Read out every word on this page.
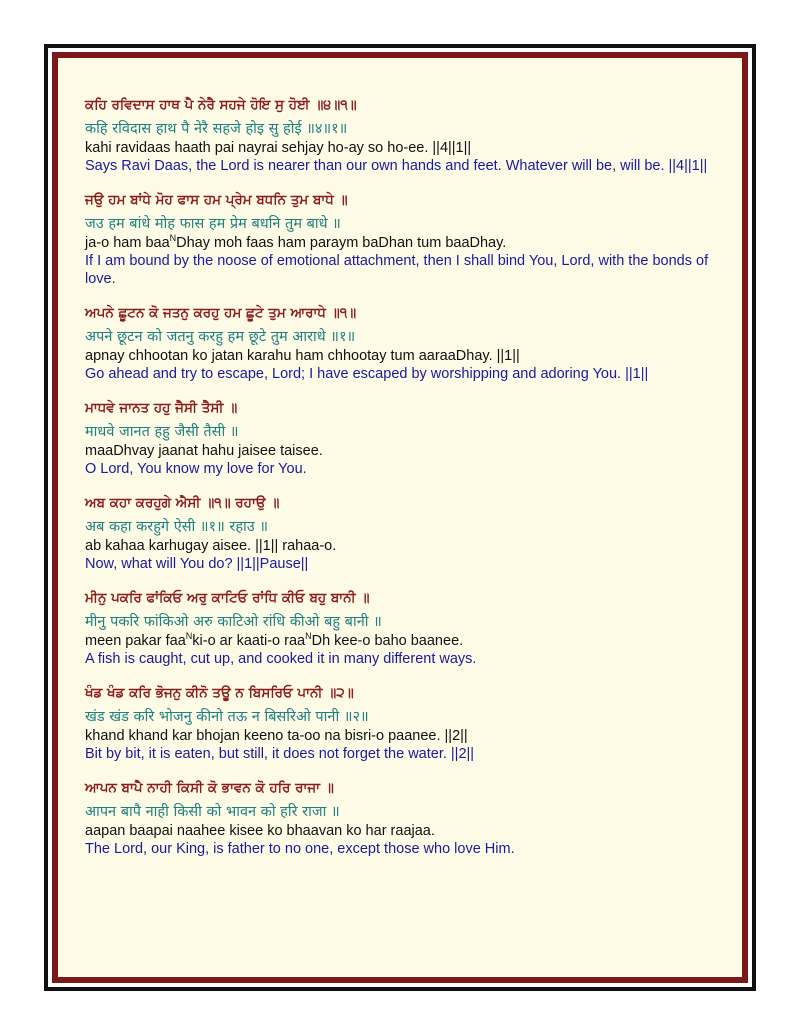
ਕਹਿ ਰਵਿਦਾਸ ਹਾਥ ਪੈ ਨੇਰੈ ਸਹਜੇ ਹੋਇ ਸੁ ਹੋਈ ॥੪॥੧॥
कहि रविदास हाथ पै नेरै सहजे होइ सु होई ॥४॥१॥
kahi ravidaas haath pai nayrai sehjay ho-ay so ho-ee. ||4||1||
Says Ravi Daas, the Lord is nearer than our own hands and feet. Whatever will be, will be. ||4||1||
ਜਉ ਹਮ ਬਾਂਧੇ ਮੋਹ ਫਾਸ ਹਮ ਪ੍ਰੇਮ ਬਧਨਿ ਤੁਮ ਬਾਧੇ ॥
जउ हम बांधे मोह फास हम प्रेम बधनि तुम बाधे ॥
ja-o ham baa$^N$Dhay moh faas ham paraym baDhan tum baaDhay.
If I am bound by the noose of emotional attachment, then I shall bind You, Lord, with the bonds of love.
ਅਪਨੇ ਛੂਟਨ ਕੋ ਜਤਨੁ ਕਰਹੁ ਹਮ ਛੂਟੇ ਤੁਮ ਆਰਾਧੇ ॥੧॥
अपने छूटन को जतनु करहु हम छूटे तुम आराधे ॥१॥
apnay chhootan ko jatan karahu ham chhootay tum aaraaDhay. ||1||
Go ahead and try to escape, Lord; I have escaped by worshipping and adoring You. ||1||
ਮਾਧਵੇ ਜਾਨਤ ਹਹੁ ਜੈਸੀ ਤੈਸੀ ॥
माधवे जानत हहु जैसी तैसी ॥
maaDhvay jaanat hahu jaisee taisee.
O Lord, You know my love for You.
ਅਬ ਕਹਾ ਕਰਹੁਗੇ ਐਸੀ ॥੧॥ ਰਹਾਉ ॥
अब कहा करहुगे ऐसी ॥१॥ रहाउ ॥
ab kahaa karhugay aisee. ||1|| rahaa-o.
Now, what will You do? ||1||Pause||
ਮੀਨੁ ਪਕਰਿ ਫਾਂਕਿਓ ਅਰੁ ਕਾਟਿਓ ਰਾਂਧਿ ਕੀਓ ਬਹੁ ਬਾਨੀ ॥
मीनु पकरि फांकिओ अरु काटिओ रांधि कीओ बहु बानी ॥
meen pakar faa$^N$ki-o ar kaati-o raa$^N$Dh kee-o baho baanee.
A fish is caught, cut up, and cooked it in many different ways.
ਖੰਡ ਖੰਡ ਕਰਿ ਭੋਜਨੁ ਕੀਨੋ ਤਊ ਨ ਬਿਸਰਿਓ ਪਾਨੀ ॥੨॥
खंड खंड करि भोजनु कीनो तऊ न बिसरिओ पानी ॥२॥
khand khand kar bhojan keeno ta-oo na bisri-o paanee. ||2||
Bit by bit, it is eaten, but still, it does not forget the water. ||2||
ਆਪਨ ਬਾਪੈ ਨਾਹੀ ਕਿਸੀ ਕੋ ਭਾਵਨ ਕੋ ਹਰਿ ਰਾਜਾ ॥
आपन बापै नाही किसी को भावन को हरि राजा ॥
aapan baapai naahee kisee ko bhaavan ko har raajaa.
The Lord, our King, is father to no one, except those who love Him.
